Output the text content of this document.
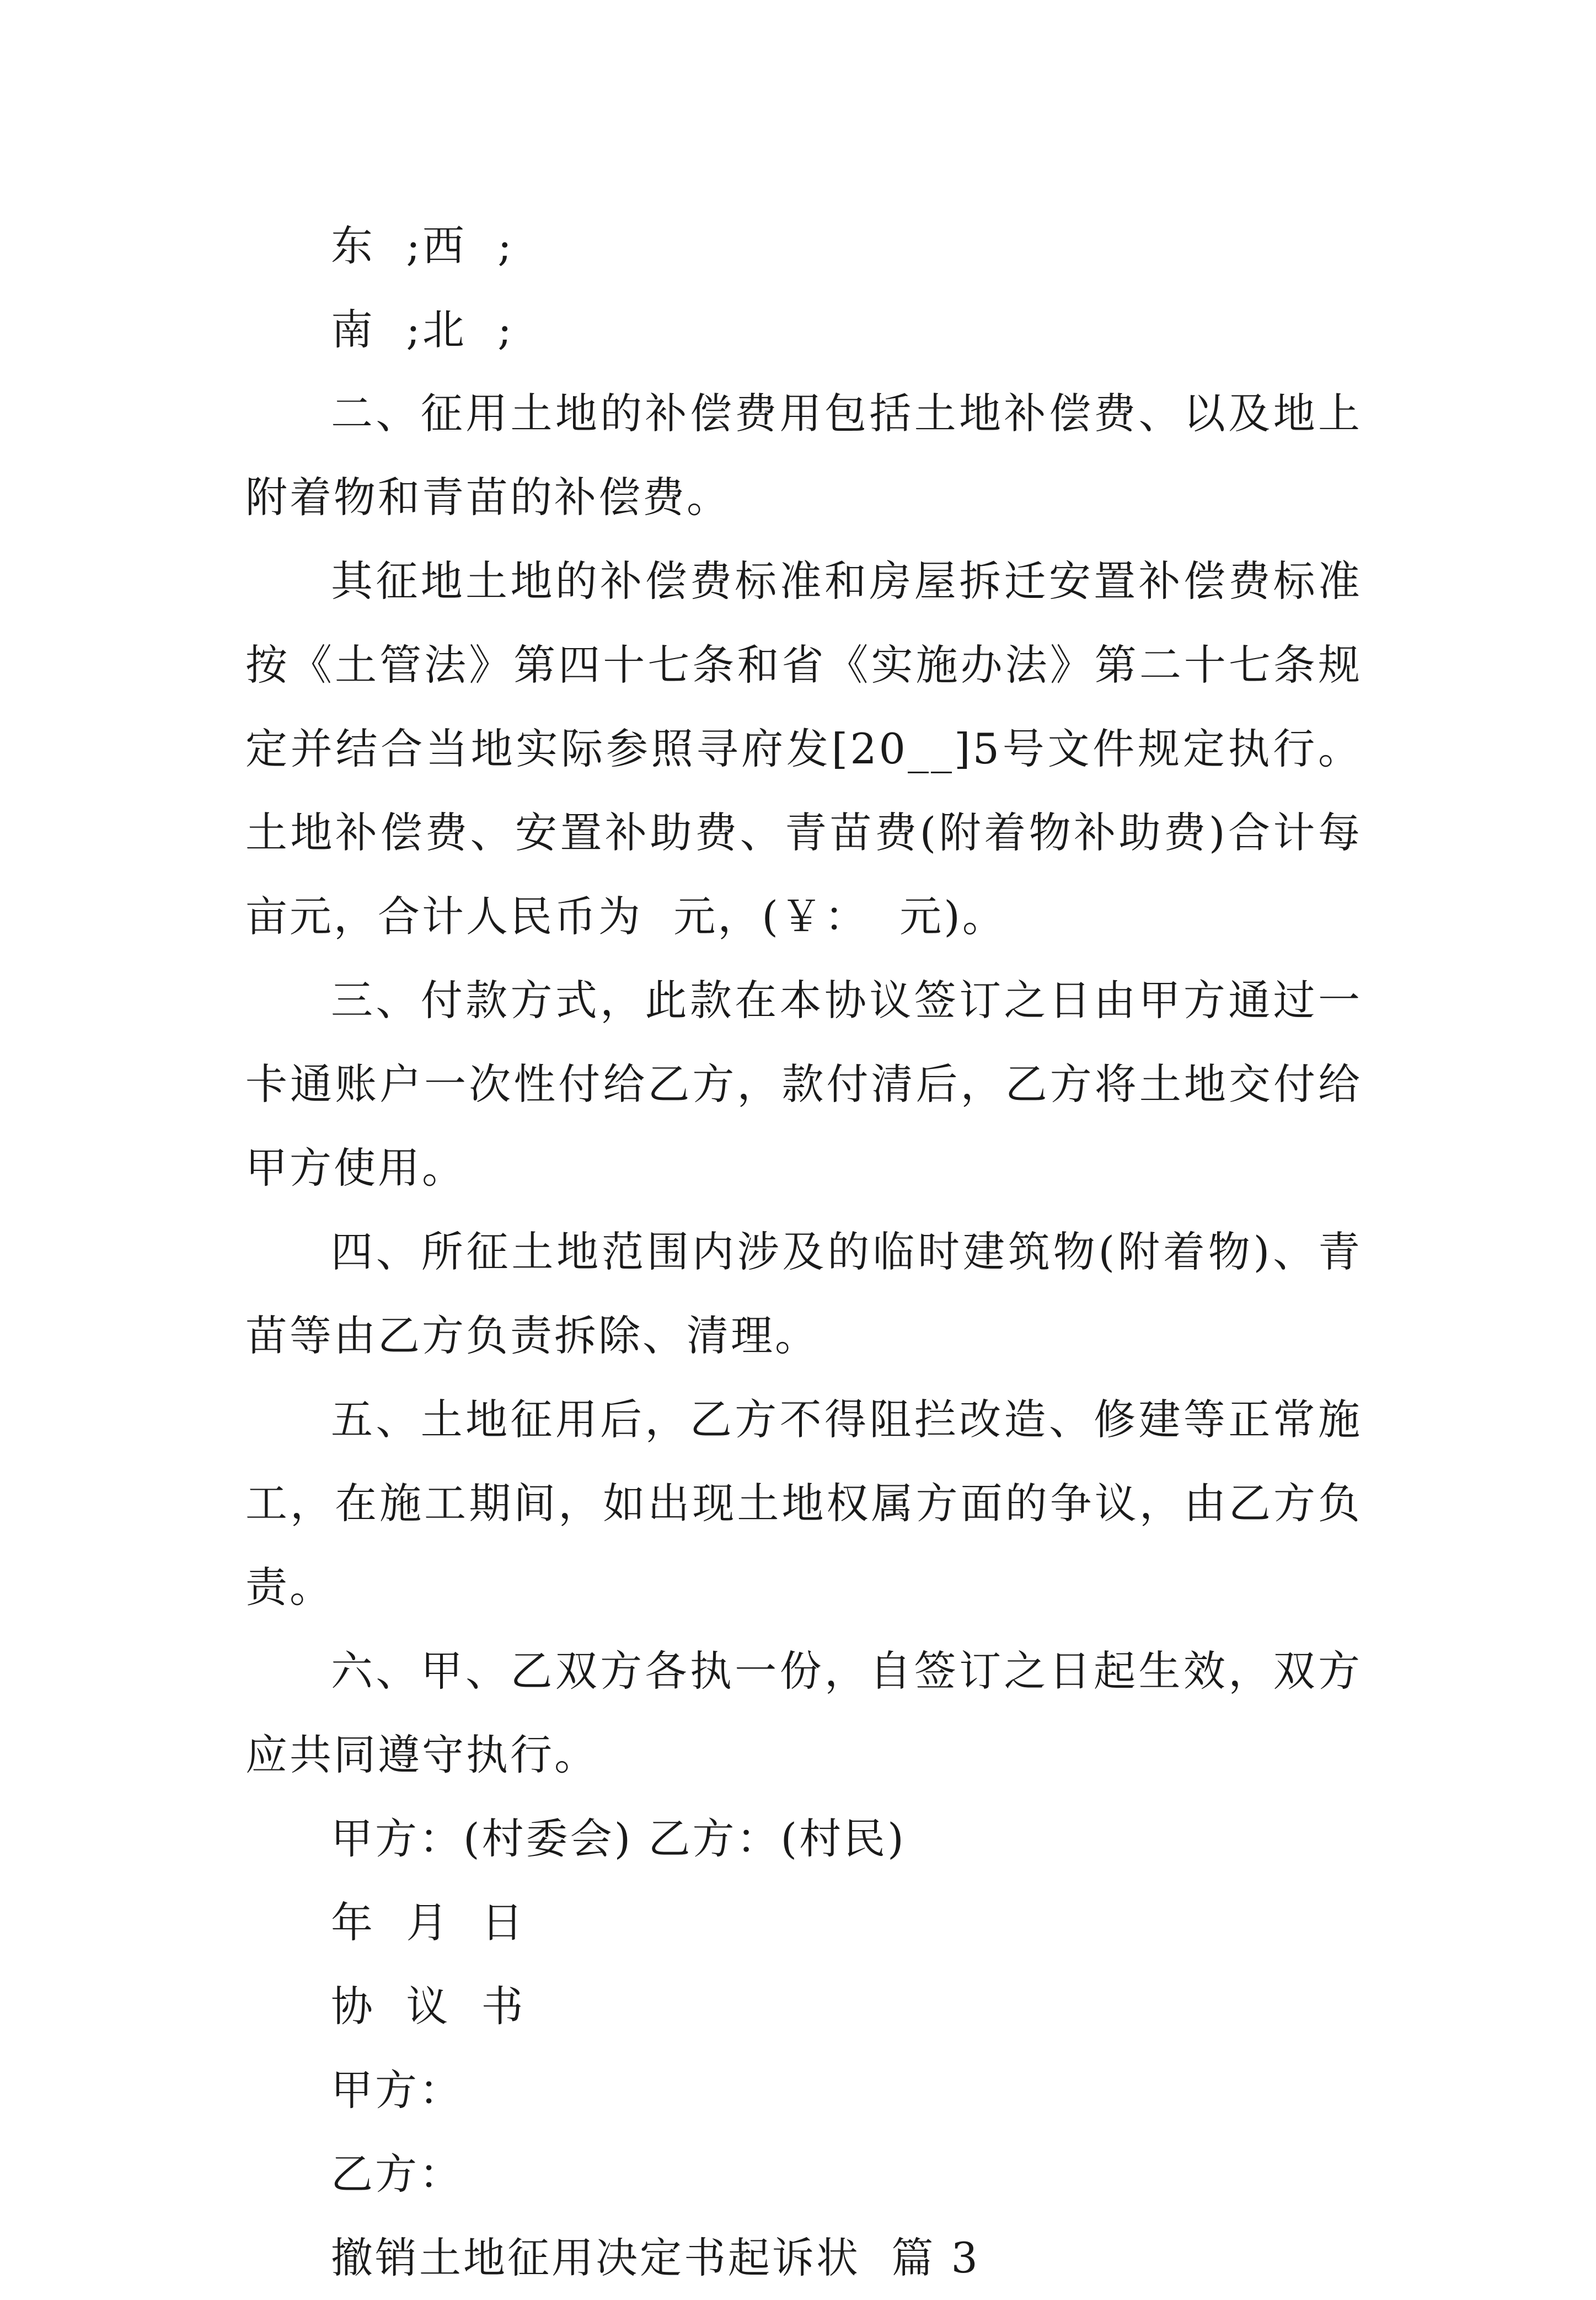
东  ;西  ;

南  ;北  ;

二、征用土地的补偿费用包括土地补偿费、以及地上附着物和青苗的补偿费。

其征地土地的补偿费标准和房屋拆迁安置补偿费标准按《土管法》第四十七条和省《实施办法》第二十七条规定并结合当地实际参照寻府发[20__]5号文件规定执行。土地补偿费、安置补助费、青苗费(附着物补助费)合计每亩元，合计人民币为  元，(￥：  元)。

三、付款方式，此款在本协议签订之日由甲方通过一卡通账户一次性付给乙方，款付清后，乙方将土地交付给甲方使用。

四、所征土地范围内涉及的临时建筑物(附着物)、青苗等由乙方负责拆除、清理。

五、土地征用后，乙方不得阻拦改造、修建等正常施工，在施工期间，如出现土地权属方面的争议，由乙方负责。

六、甲、乙双方各执一份，自签订之日起生效，双方应共同遵守执行。

甲方：(村委会) 乙方：(村民)

年  月  日

协  议  书

甲方：

乙方：

撤销土地征用决定书起诉状  篇 3
